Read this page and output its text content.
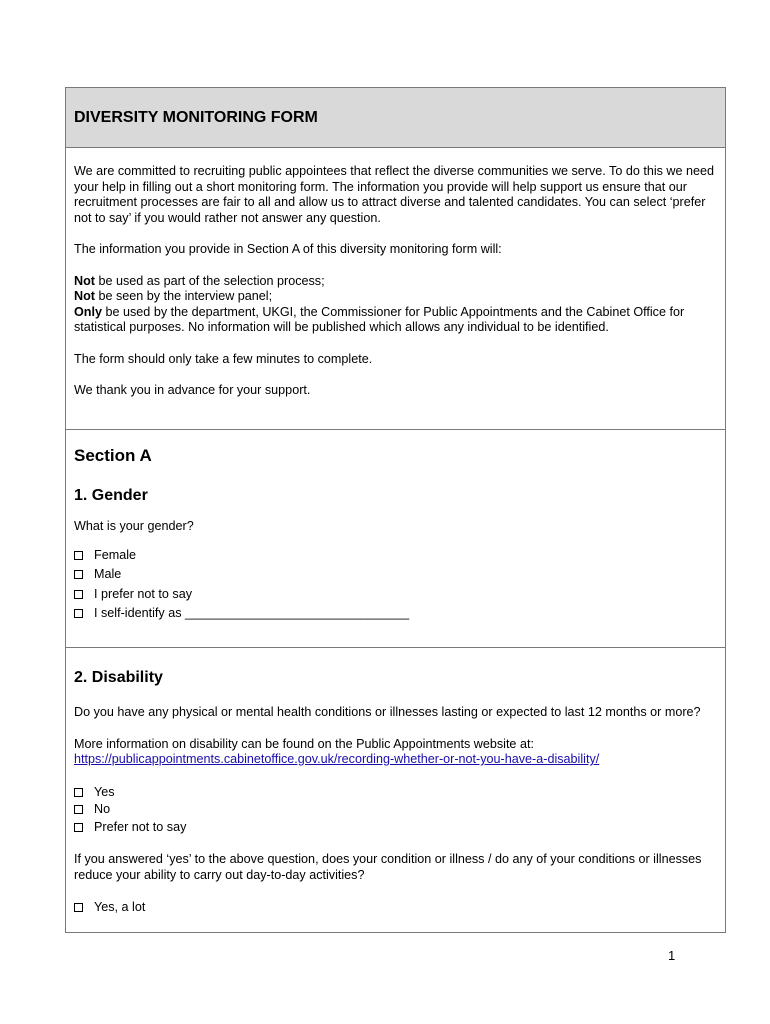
DIVERSITY MONITORING FORM

We are committed to recruiting public appointees that reflect the diverse communities we serve. To do this we need your help in filling out a short monitoring form. The information you provide will help support us ensure that our recruitment processes are fair to all and allow us to attract diverse and talented candidates. You can select ‘prefer not to say’ if you would rather not answer any question.

The information you provide in Section A of this diversity monitoring form will:

Not be used as part of the selection process;

Not be seen by the interview panel;

Only be used by the department, UKGI, the Commissioner for Public Appointments and the Cabinet Office for statistical purposes. No information will be published which allows any individual to be identified.

The form should only take a few minutes to complete.

We thank you in advance for your support.

Section A
1. Gender

What is your gender?

Female
Male
I prefer not to say
I self-identify as ________________________________
2. Disability

Do you have any physical or mental health conditions or illnesses lasting or expected to last 12 months or more?

More information on disability can be found on the Public Appointments website at:
https://publicappointments.cabinetoffice.gov.uk/recording-whether-or-not-you-have-a-disability/

Yes
No
Prefer not to say

If you answered ‘yes’ to the above question, does your condition or illness / do any of your conditions or illnesses reduce your ability to carry out day-to-day activities?

Yes, a lot
1
